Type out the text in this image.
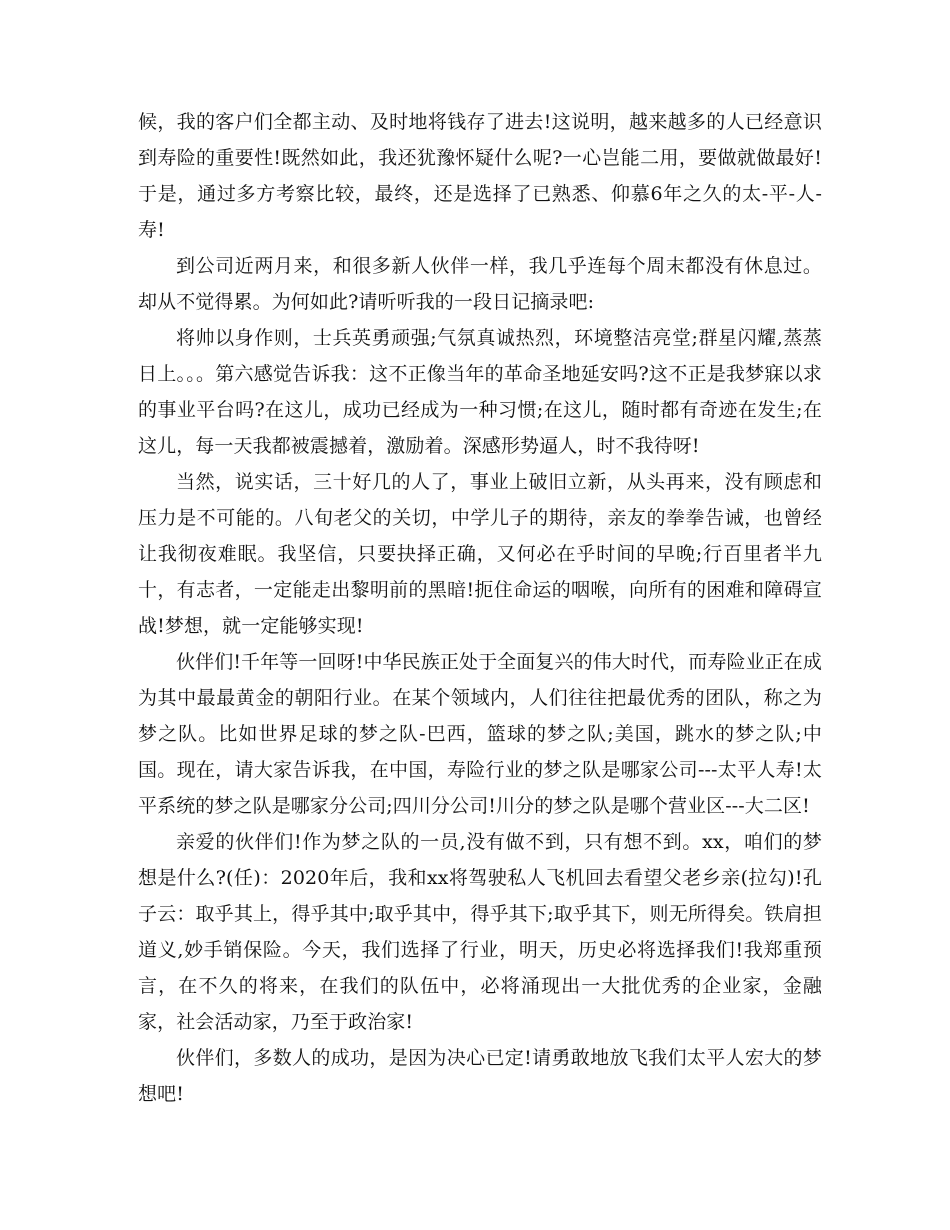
候，我的客户们全都主动、及时地将钱存了进去!这说明，越来越多的人已经意识到寿险的重要性!既然如此，我还犹豫怀疑什么呢?一心岂能二用，要做就做最好!于是，通过多方考察比较，最终，还是选择了已熟悉、仰慕6年之久的太-平-人-寿!

到公司近两月来，和很多新人伙伴一样，我几乎连每个周末都没有休息过。却从不觉得累。为何如此?请听听我的一段日记摘录吧:

将帅以身作则，士兵英勇顽强;气氛真诚热烈，环境整洁亮堂;群星闪耀,蒸蒸日上。。。第六感觉告诉我：这不正像当年的革命圣地延安吗?这不正是我梦寐以求的事业平台吗?在这儿，成功已经成为一种习惯;在这儿，随时都有奇迹在发生;在这儿，每一天我都被震撼着，激励着。深感形势逼人，时不我待呀!

当然，说实话，三十好几的人了，事业上破旧立新，从头再来，没有顾虑和压力是不可能的。八旬老父的关切，中学儿子的期待，亲友的拳拳告诫，也曾经让我彻夜难眠。我坚信，只要抉择正确，又何必在乎时间的早晚;行百里者半九十，有志者，一定能走出黎明前的黑暗!扼住命运的咽喉，向所有的困难和障碍宣战!梦想，就一定能够实现!

伙伴们!千年等一回呀!中华民族正处于全面复兴的伟大时代，而寿险业正在成为其中最最黄金的朝阳行业。在某个领域内，人们往往把最优秀的团队，称之为梦之队。比如世界足球的梦之队-巴西，篮球的梦之队;美国，跳水的梦之队;中国。现在，请大家告诉我，在中国，寿险行业的梦之队是哪家公司---太平人寿!太平系统的梦之队是哪家分公司;四川分公司!川分的梦之队是哪个营业区---大二区!

亲爱的伙伴们!作为梦之队的一员,没有做不到，只有想不到。xx，咱们的梦想是什么?(任)：2020年后，我和xx将驾驶私人飞机回去看望父老乡亲(拉勾)!孔子云：取乎其上，得乎其中;取乎其中，得乎其下;取乎其下，则无所得矣。铁肩担道义,妙手销保险。今天，我们选择了行业，明天，历史必将选择我们!我郑重预言，在不久的将来，在我们的队伍中，必将涌现出一大批优秀的企业家，金融家，社会活动家，乃至于政治家!

伙伴们，多数人的成功，是因为决心已定!请勇敢地放飞我们太平人宏大的梦想吧!
